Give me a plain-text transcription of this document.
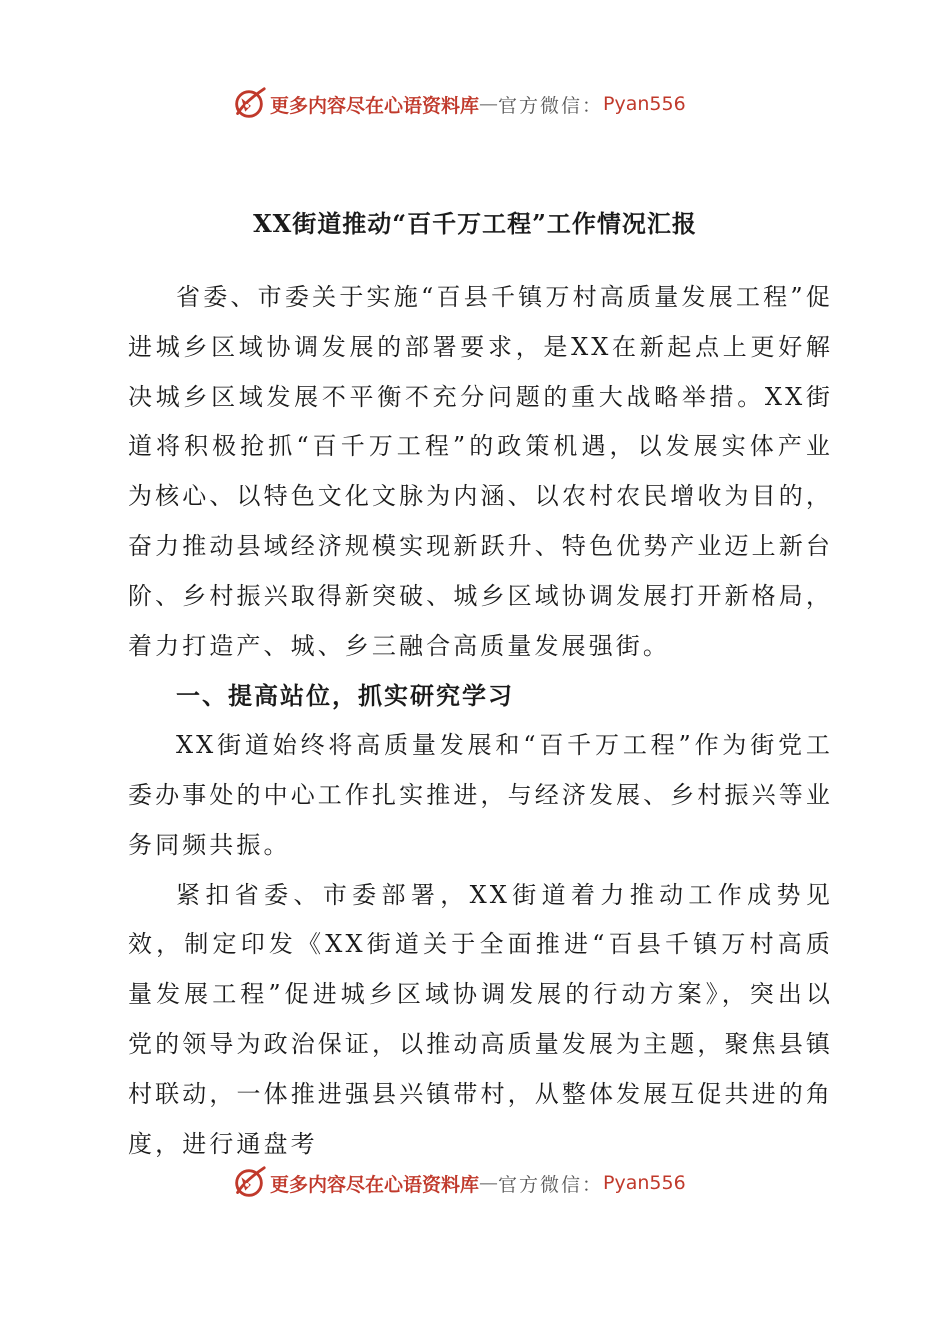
更多内容尽在心语资料库 — 官方微信： Pyan556
XX街道推动“百千万工程”工作情况汇报

省委、市委关于实施“百县千镇万村高质量发展工程”促进城乡区域协调发展的部署要求，是XX在新起点上更好解决城乡区域发展不平衡不充分问题的重大战略举措。XX街道将积极抢抓“百千万工程”的政策机遇，以发展实体产业为核心、以特色文化文脉为内涵、以农村农民增收为目的，奋力推动县域经济规模实现新跃升、特色优势产业迈上新台阶、乡村振兴取得新突破、城乡区域协调发展打开新格局，着力打造产、城、乡三融合高质量发展强街。

一、提高站位，抓实研究学习

XX街道始终将高质量发展和“百千万工程”作为街党工委办事处的中心工作扎实推进，与经济发展、乡村振兴等业务同频共振。

紧扣省委、市委部署，XX街道着力推动工作成势见效，制定印发《XX街道关于全面推进“百县千镇万村高质量发展工程”促进城乡区域协调发展的行动方案》，突出以党的领导为政治保证，以推动高质量发展为主题，聚焦县镇村联动，一体推进强县兴镇带村，从整体发展互促共进的角度，进行通盘考

更多内容尽在心语资料库 — 官方微信： Pyan556
